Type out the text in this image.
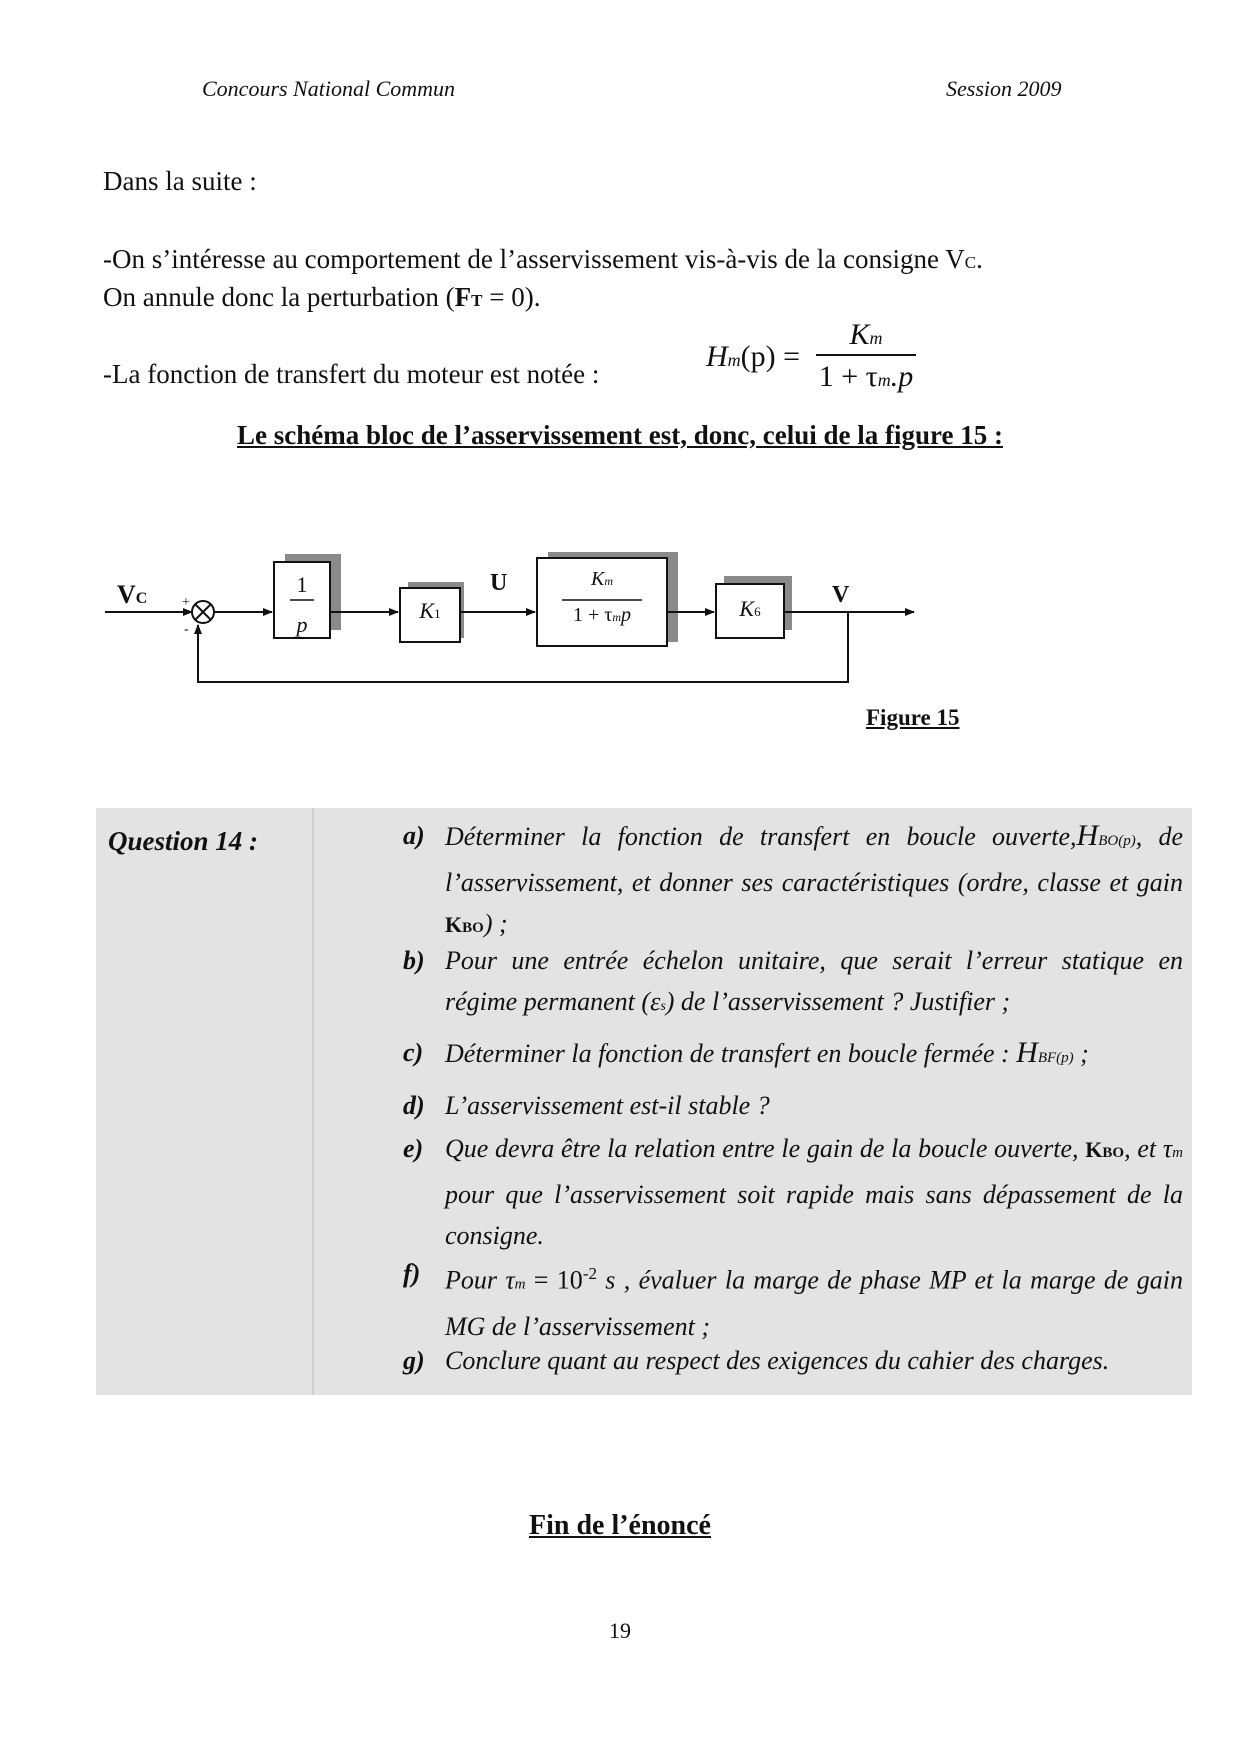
Concours National Commun	Session 2009
Dans la suite :
-On s’intéresse au comportement de l’asservissement vis-à-vis de la consigne VC.
On annule donc la perturbation (FT = 0).
-La fonction de transfert du moteur est notée :
$Hm(p) = \frac{Km}{1 + \tau m.p}$
Le schéma bloc de l’asservissement est, donc, celui de la figure 15 :
VC +
-
1
p
K1
U	Km
1 + τmp	K6
V
Figure 15
Question 14 :	a) Déterminer la fonction de transfert en boucle ouverte,HBO(p), de l’asservissement, et donner ses caractéristiques (ordre, classe et gain KBO) ;
b) Pour une entrée échelon unitaire, que serait l’erreur statique en régime permanent (εs) de l’asservissement ? Justifier ;
c) Déterminer la fonction de transfert en boucle fermée : HBF(p) ;
d) L’asservissement est-il stable ?
e) Que devra être la relation entre le gain de la boucle ouverte, KBO, et τm pour que l’asservissement soit rapide mais sans dépassement de la consigne.
f) Pour $\tau m = 10^{-2}$ s , évaluer la marge de phase MP et la marge de gain MG de l’asservissement ;
g) Conclure quant au respect des exigences du cahier des charges.
Fin de l’énoncé
19
